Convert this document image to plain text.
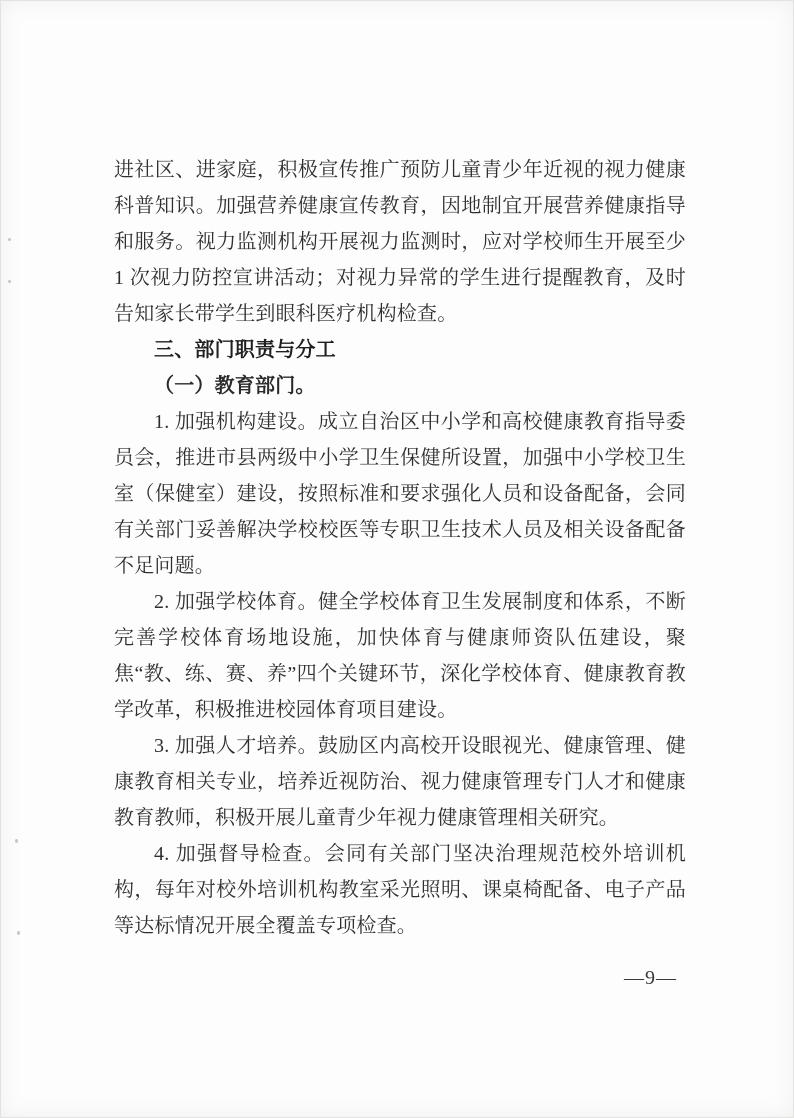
进社区、进家庭，积极宣传推广预防儿童青少年近视的视力健康科普知识。加强营养健康宣传教育，因地制宜开展营养健康指导和服务。视力监测机构开展视力监测时，应对学校师生开展至少1 次视力防控宣讲活动；对视力异常的学生进行提醒教育，及时告知家长带学生到眼科医疗机构检查。

三、部门职责与分工

（一）教育部门。

1. 加强机构建设。成立自治区中小学和高校健康教育指导委员会，推进市县两级中小学卫生保健所设置，加强中小学校卫生室（保健室）建设，按照标准和要求强化人员和设备配备，会同有关部门妥善解决学校校医等专职卫生技术人员及相关设备配备不足问题。

2. 加强学校体育。健全学校体育卫生发展制度和体系，不断完善学校体育场地设施，加快体育与健康师资队伍建设，聚焦“教、练、赛、养”四个关键环节，深化学校体育、健康教育教学改革，积极推进校园体育项目建设。

3. 加强人才培养。鼓励区内高校开设眼视光、健康管理、健康教育相关专业，培养近视防治、视力健康管理专门人才和健康教育教师，积极开展儿童青少年视力健康管理相关研究。

4. 加强督导检查。会同有关部门坚决治理规范校外培训机构，每年对校外培训机构教室采光照明、课桌椅配备、电子产品等达标情况开展全覆盖专项检查。

—9—
